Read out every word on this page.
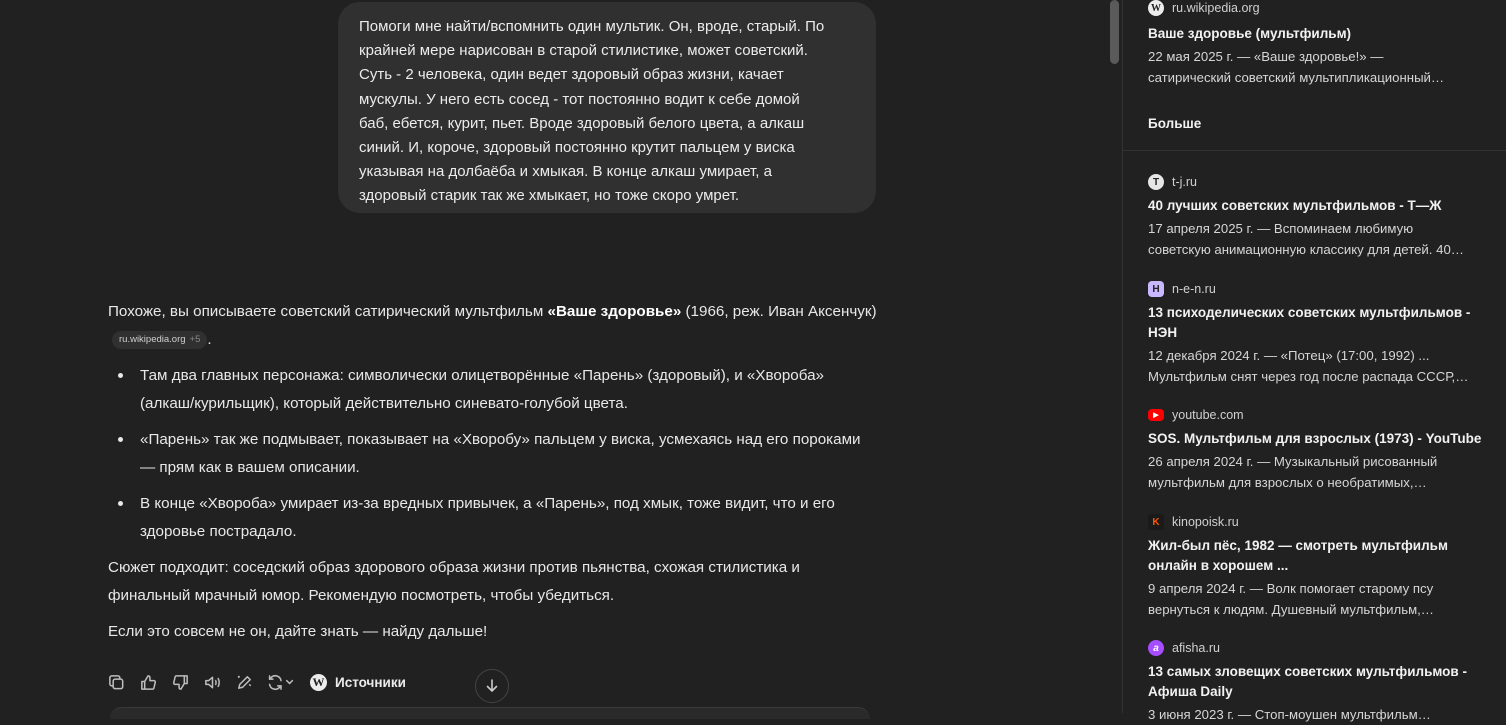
Помоги мне найти/вспомнить один мультик. Он, вроде, старый. По
крайней мере нарисован в старой стилистике, может советский.
Суть - 2 человека, один ведет здоровый образ жизни, качает
мускулы. У него есть сосед - тот постоянно водит к себе домой
баб, ебется, курит, пьет. Вроде здоровый белого цвета, а алкаш
синий. И, короче, здоровый постоянно крутит пальцем у виска
указывая на долбаёба и хмыкая. В конце алкаш умирает, а
здоровый старик так же хмыкает, но тоже скоро умрет.

Похоже, вы описываете советский сатирический мультфильм «Ваше здоровье» (1966, реж. Иван Аксенчук)
ru.wikipedia.org +5 .

Там два главных персонажа: символически олицетворённые «Парень» (здоровый), и «Хвороба» (алкаш/курильщик), который действительно синевато-голубой цвета.
«Парень» так же подмывает, показывает на «Хворобу» пальцем у виска, усмехаясь над его пороками — прям как в вашем описании.
В конце «Хвороба» умирает из-за вредных привычек, а «Парень», под хмык, тоже видит, что и его здоровье пострадало.

Сюжет подходит: соседский образ здорового образа жизни против пьянства, схожая стилистика и финальный мрачный юмор. Рекомендую посмотреть, чтобы убедиться.

Если это совсем не он, дайте знать — найду дальше!

W Источники
W ru.wikipedia.org
Ваше здоровье (мультфильм)
22 мая 2025 г. — «Ваше здоровье!» —
сатирический советский мультипликационный…
Больше
Т	t-j.ru
40 лучших советских мультфильмов - Т—Ж
17 апреля 2025 г. — Вспоминаем любимую
советскую анимационную классику для детей. 40…
Н n-e-n.ru
13 психоделических советских мультфильмов -
НЭН
12 декабря 2024 г. — «Потец» (17:00, 1992) ...
Мультфильм снят через год после распада СССР,…
▶	youtube.com
SOS. Мультфильм для взрослых (1973) - YouTube
26 апреля 2024 г. — Музыкальный рисованный
мультфильм для взрослых о необратимых,…
K kinopoisk.ru
Жил-был пёс, 1982 — смотреть мультфильм
онлайн в хорошем ...
9 апреля 2024 г. — Волк помогает старому псу
вернуться к людям. Душевный мультфильм,…
a	afisha.ru
13 самых зловещих советских мультфильмов -
Афиша Daily
3 июня 2023 г. — Стоп-моушен мультфильм…
